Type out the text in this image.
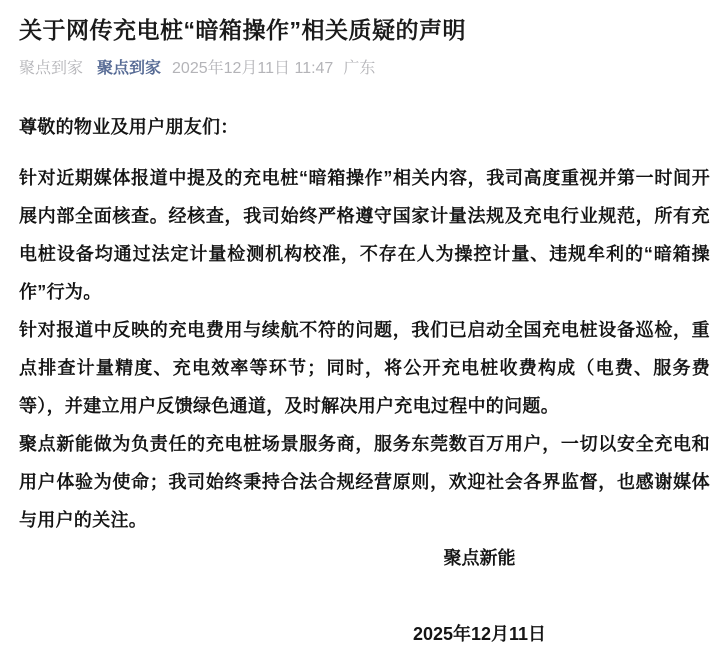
关于网传充电桩“暗箱操作”相关质疑的声明
聚点到家 聚点到家 2025年12月11日 11:47 广东

尊敬的物业及用户朋友们：

针对近期媒体报道中提及的充电桩“暗箱操作”相关内容，我司高度重视并第一时间开展内部全面核查。经核查，我司始终严格遵守国家计量法规及充电行业规范，所有充电桩设备均通过法定计量检测机构校准，不存在人为操控计量、违规牟利的“暗箱操作”行为。

针对报道中反映的充电费用与续航不符的问题，我们已启动全国充电桩设备巡检，重点排查计量精度、充电效率等环节；同时，将公开充电桩收费构成（电费、服务费等），并建立用户反馈绿色通道，及时解决用户充电过程中的问题。

聚点新能做为负责任的充电桩场景服务商，服务东莞数百万用户，一切以安全充电和用户体验为使命；我司始终秉持合法合规经营原则，欢迎社会各界监督，也感谢媒体与用户的关注。

聚点新能

2025年12月11日
